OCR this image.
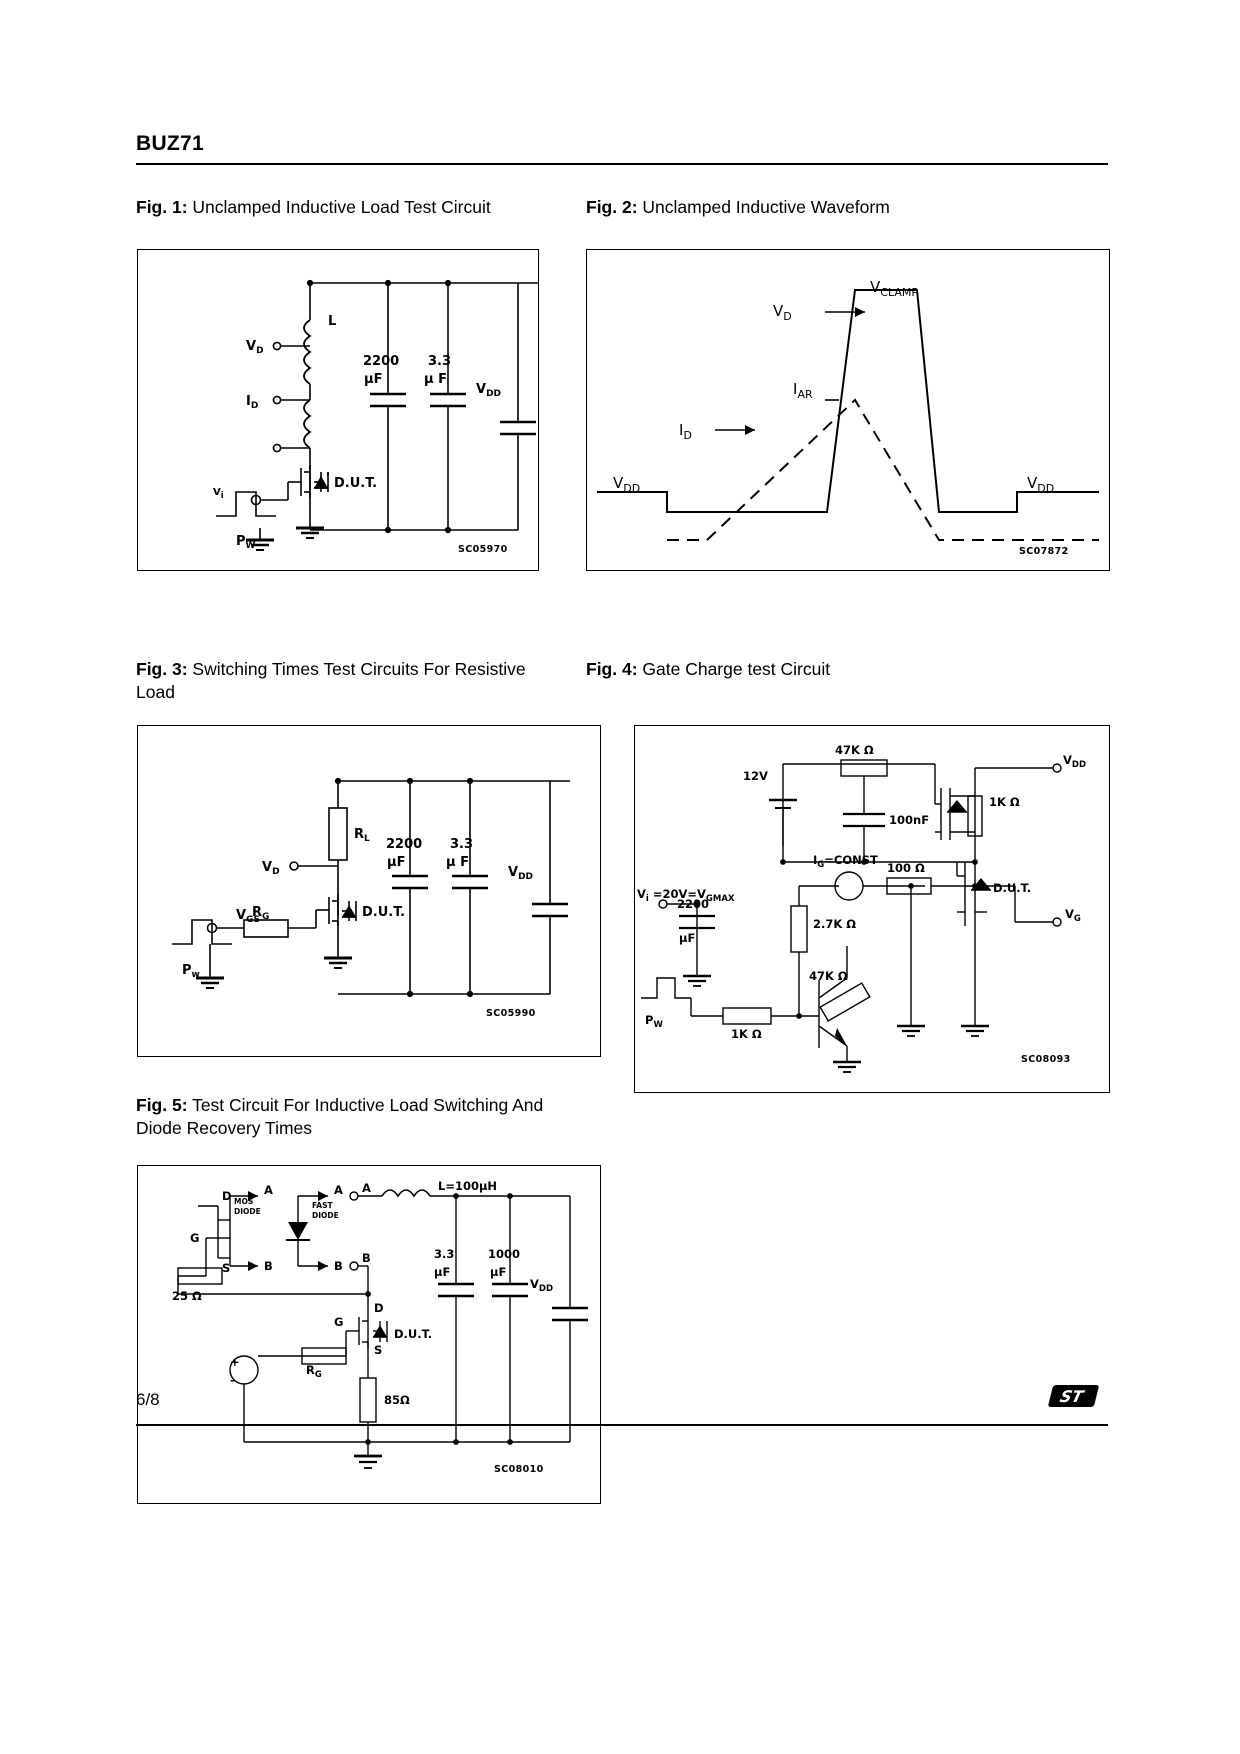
BUZ71
Fig. 1: Unclamped Inductive Load Test Circuit
L
$V_D$
$I_D$
2200
µF
3.3
µ F
$V_{DD}$
$V_i$
$P_W$
D.U.T.
SC05970
Fig. 2: Unclamped Inductive Waveform
$V_{CLAMP}$
$V_D$
$I_{AR}$
$I_D$
$V_{DD}$	$V_{DD}$
SC07872
Fig. 3: Switching Times Test Circuits For Resistive Load
$R_L$
$V_D$
$R_G$
$V_{GS}$
2200
µF
3.3
µ F
$V_{DD}$
$P_w$
D.U.T.
SC05990
Fig. 4: Gate Charge test Circuit
$V_{DD}$
12V
47K Ω
1K Ω
100nF
$V_i =20V=V_{GMAX}$
$I_G=CONST$
100 Ω
D.U.T.
2200
µF
2.7K Ω
47K Ω
1K Ω
$V_G$
$P_W$
SC08093
Fig. 5: Test Circuit For Inductive Load Switching And Diode Recovery Times
A
B
A
B
A
B
D
G
S
MOS
DIODE
FAST
DIODE
25 Ω
L=100µH
3.3
µF
1000
µF
$V_{DD}$
$R_G$
85Ω
D.U.T.
D
G
S
+
–
SC08010
6/8	ST
